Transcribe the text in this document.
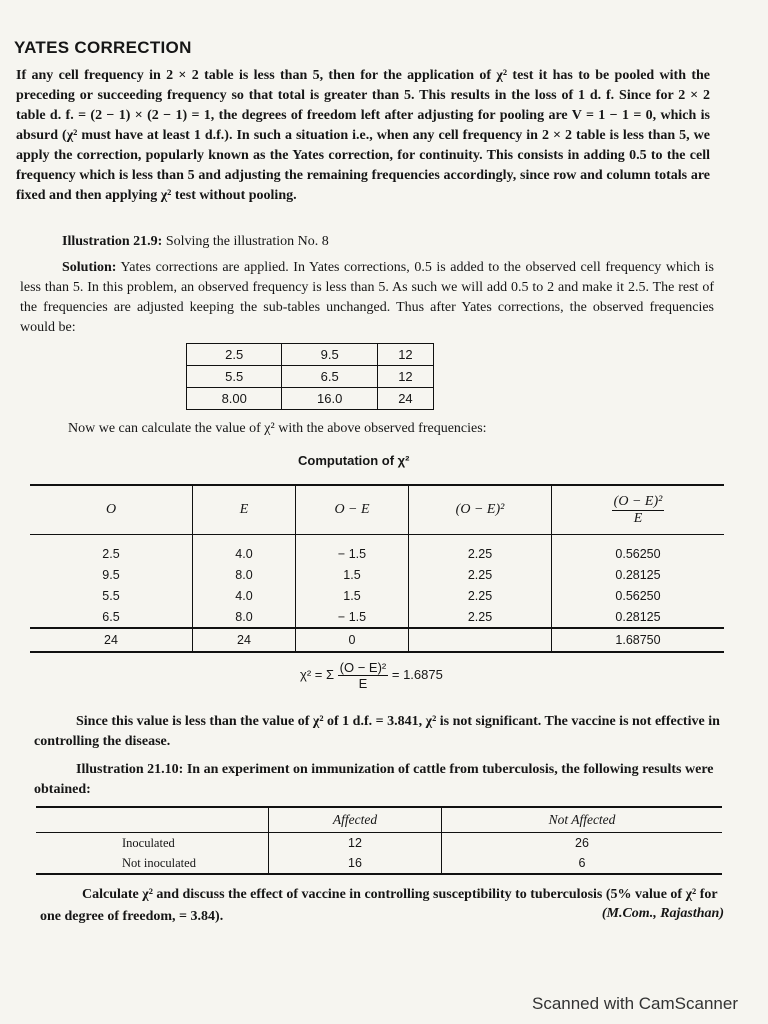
YATES CORRECTION
If any cell frequency in 2 × 2 table is less than 5, then for the application of χ² test it has to be pooled with the preceding or succeeding frequency so that total is greater than 5. This results in the loss of 1 d. f. Since for 2 × 2 table d. f. = (2 − 1) × (2 − 1) = 1, the degrees of freedom left after adjusting for pooling are V = 1 − 1 = 0, which is absurd (χ² must have at least 1 d.f.). In such a situation i.e., when any cell frequency in 2 × 2 table is less than 5, we apply the correction, popularly known as the Yates correction, for continuity. This consists in adding 0.5 to the cell frequency which is less than 5 and adjusting the remaining frequencies accordingly, since row and column totals are fixed and then applying χ² test without pooling.
Illustration 21.9: Solving the illustration No. 8
Solution: Yates corrections are applied. In Yates corrections, 0.5 is added to the observed cell frequency which is less than 5. In this problem, an observed frequency is less than 5. As such we will add 0.5 to 2 and make it 2.5. The rest of the frequencies are adjusted keeping the sub-tables unchanged. Thus after Yates corrections, the observed frequencies would be:
2.5	9.5	12
5.5	6.5	12
8.00	16.0	24
Now we can calculate the value of χ² with the above observed frequencies:
Computation of χ²
O	E	O − E	(O − E)²	$\frac{\text{(O − E)²}}{E}$

2.5	4.0	− 1.5	2.25	0.56250
9.5	8.0	1.5	2.25	0.28125
5.5	4.0	1.5	2.25	0.56250
6.5	8.0	− 1.5	2.25	0.28125
24	24	0		1.68750
χ² = Σ $\frac{\text{(O − E)²}}{E} = 1.6875$
Since this value is less than the value of χ² of 1 d.f. = 3.841, χ² is not significant. The vaccine is not effective in controlling the disease.
Illustration 21.10: In an experiment on immunization of cattle from tuberculosis, the following results were obtained:
	Affected	Not Affected
Inoculated	12	26
Not inoculated	16	6
Calculate χ² and discuss the effect of vaccine in controlling susceptibility to tuberculosis (5% value of χ² for one degree of freedom, = 3.84).	(M.Com., Rajasthan)
Scanned with CamScanner
